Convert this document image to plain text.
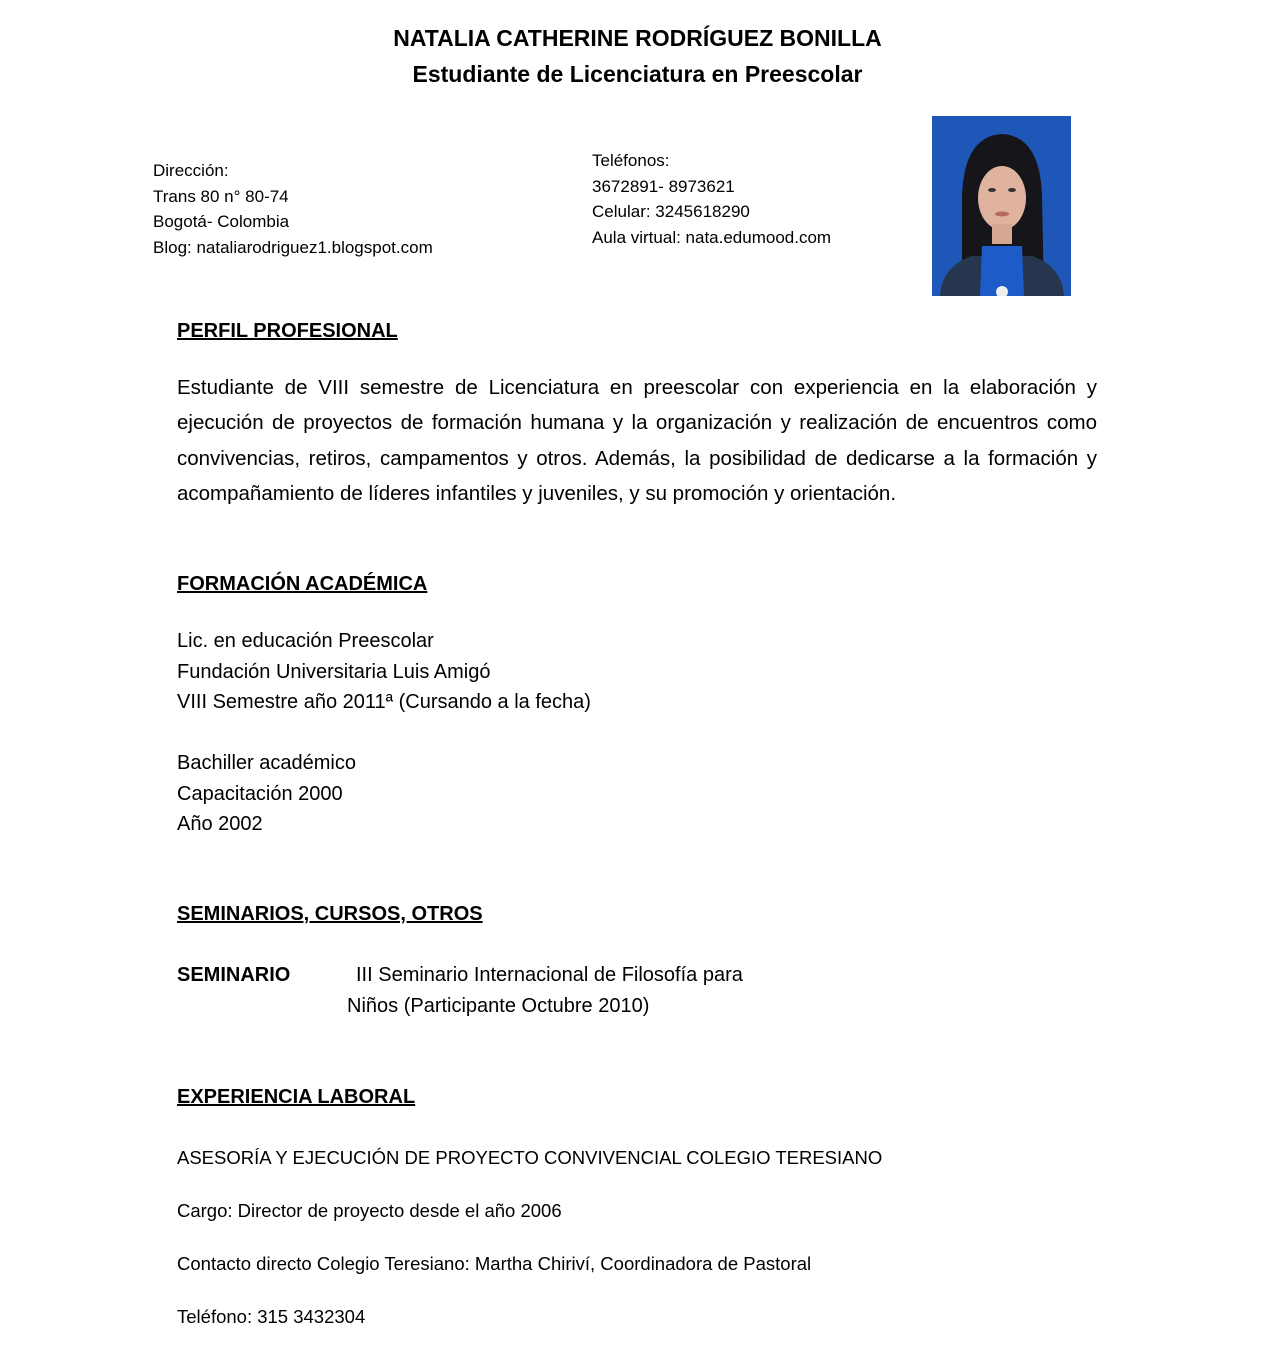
NATALIA CATHERINE RODRÍGUEZ BONILLA
Estudiante de Licenciatura en Preescolar
Dirección:
Trans 80 n° 80-74
Bogotá- Colombia
Blog: nataliarodriguez1.blogspot.com
Teléfonos:
3672891- 8973621
Celular: 3245618290
Aula virtual: nata.edumood.com
PERFIL PROFESIONAL
Estudiante de VIII semestre de Licenciatura en preescolar con experiencia en la elaboración y ejecución de proyectos de formación humana y la organización y realización de encuentros como convivencias, retiros, campamentos y otros. Además, la posibilidad de dedicarse a la formación y acompañamiento de líderes infantiles y juveniles, y su promoción y orientación.
FORMACIÓN ACADÉMICA
Lic. en educación Preescolar
Fundación Universitaria Luis Amigó
VIII Semestre año 2011ª (Cursando a la fecha)
Bachiller académico
Capacitación 2000
Año 2002
SEMINARIOS, CURSOS, OTROS
SEMINARIO	III Seminario Internacional de Filosofía para
Niños (Participante Octubre 2010)
EXPERIENCIA LABORAL
ASESORÍA Y EJECUCIÓN DE PROYECTO CONVIVENCIAL COLEGIO TERESIANO
Cargo: Director de proyecto desde el año 2006
Contacto directo Colegio Teresiano: Martha Chiriví, Coordinadora de Pastoral
Teléfono: 315 3432304
